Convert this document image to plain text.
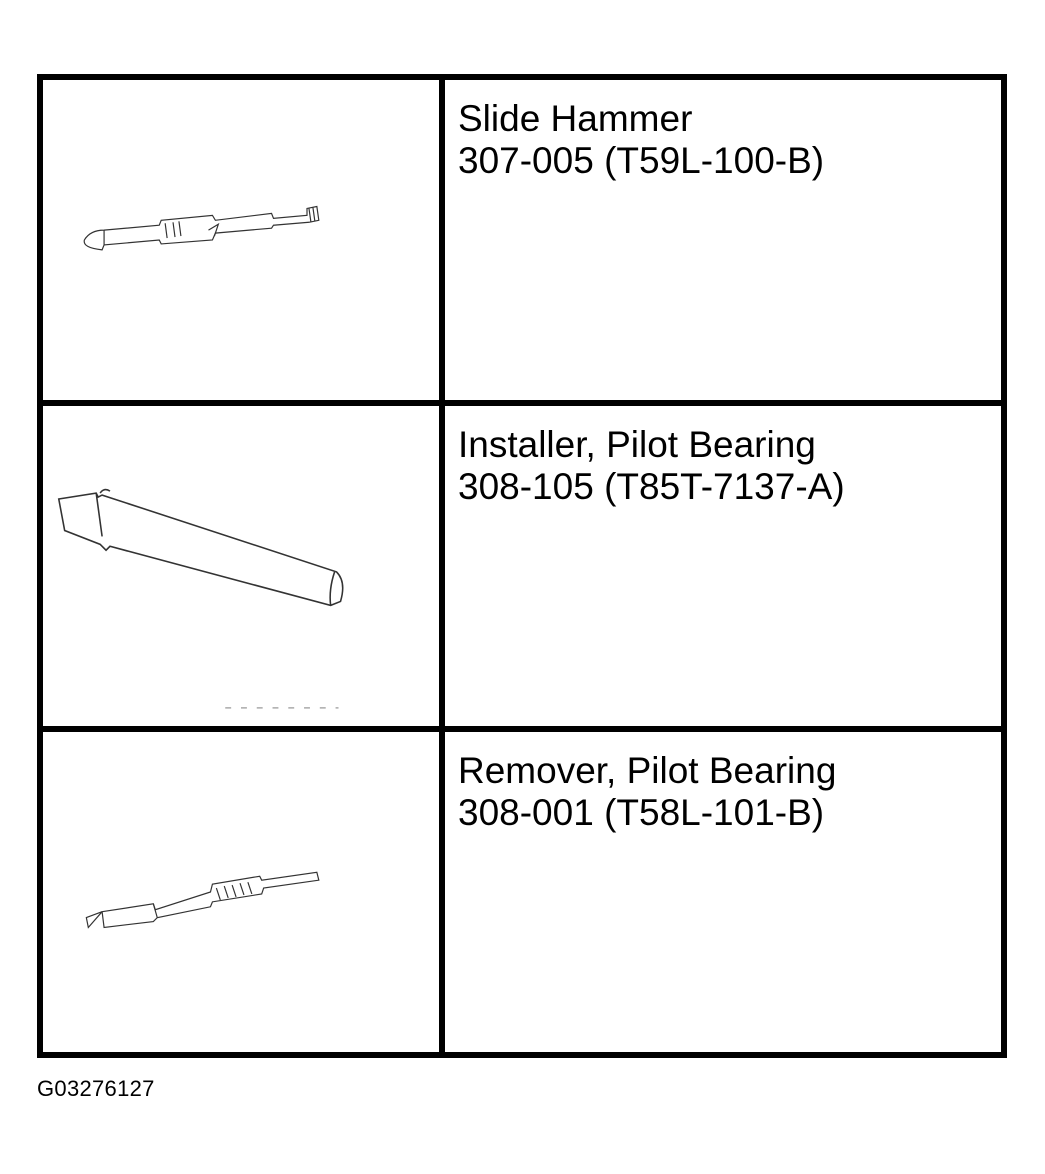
Slide Hammer
307-005 (T59L-100-B)

Installer, Pilot Bearing
308-105 (T85T-7137-A)

Remover, Pilot Bearing
308-001 (T58L-101-B)
G03276127
